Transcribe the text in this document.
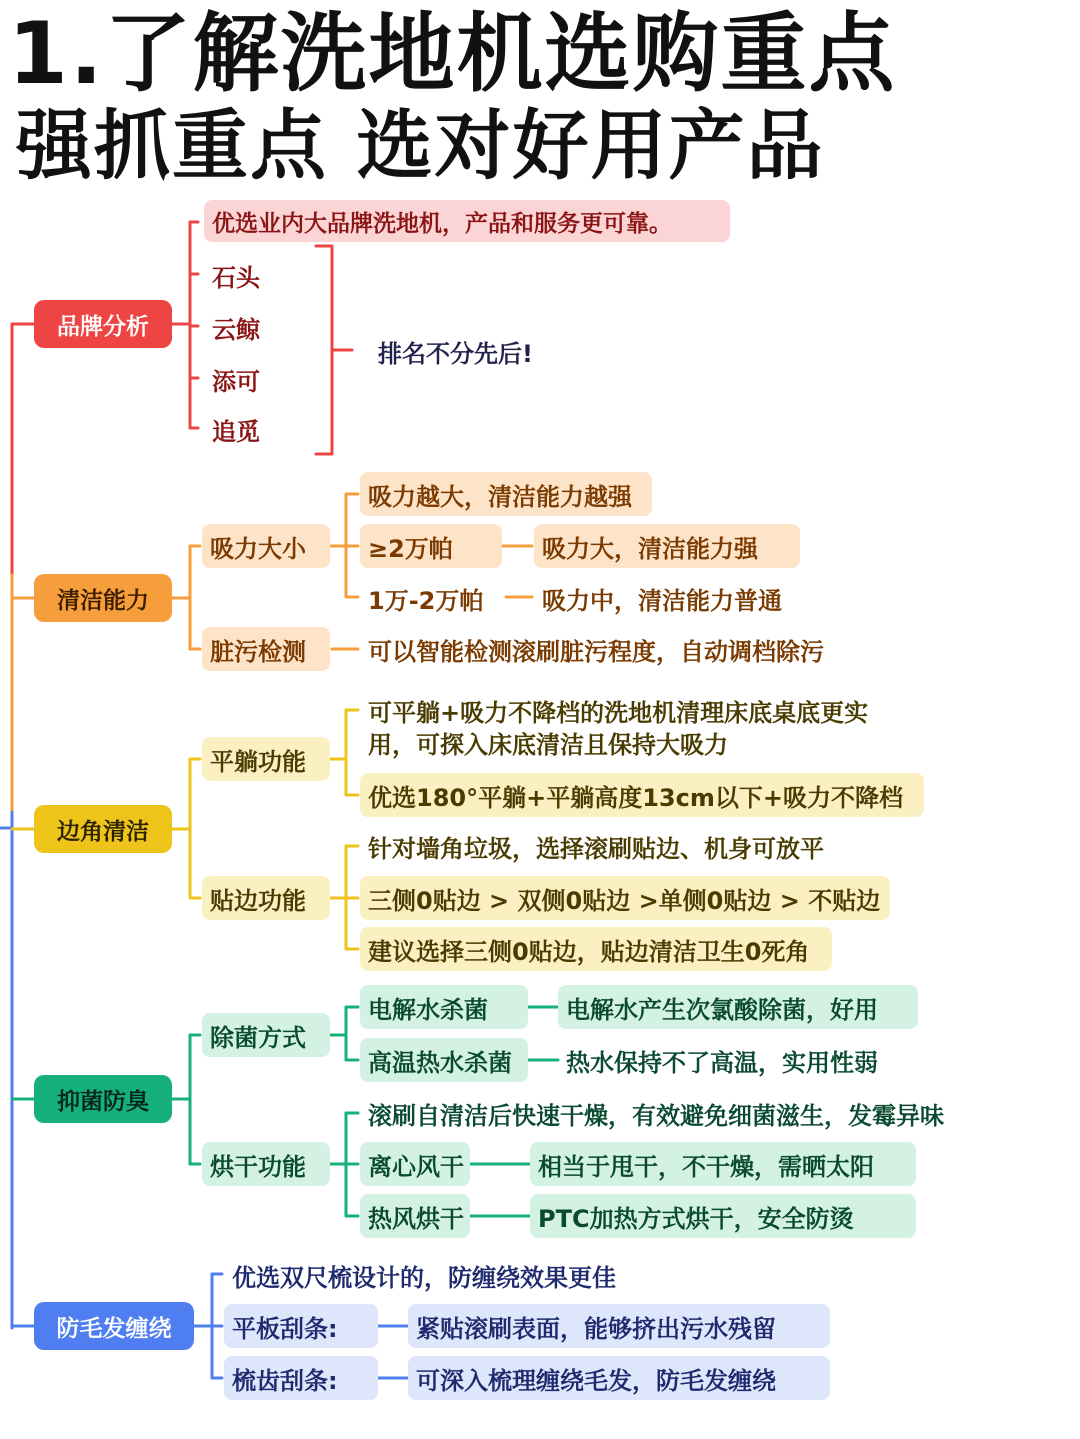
1.了解洗地机选购重点
强抓重点 选对好用产品
品牌分析
清洁能力
边角清洁
抑菌防臭
防毛发缠绕
优选业内大品牌洗地机，产品和服务更可靠。
石头
云鲸
添可
追觅
排名不分先后!
吸力大小
吸力越大，清洁能力越强
≥2万帕	吸力大，清洁能力强
1万-2万帕	吸力中，清洁能力普通
脏污检测	可以智能检测滚刷脏污程度，自动调档除污
平躺功能
可平躺+吸力不降档的洗地机清理床底桌底更实
用，可探入床底清洁且保持大吸力
优选180°平躺+平躺高度13cm以下+吸力不降档
贴边功能
针对墙角垃圾，选择滚刷贴边、机身可放平
三侧0贴边 > 双侧0贴边 >单侧0贴边 > 不贴边
建议选择三侧0贴边，贴边清洁卫生0死角
除菌方式
电解水杀菌	电解水产生次氯酸除菌，好用
高温热水杀菌	热水保持不了高温，实用性弱
烘干功能
滚刷自清洁后快速干燥，有效避免细菌滋生，发霉异味
离心风干	相当于甩干，不干燥，需晒太阳
热风烘干	PTC加热方式烘干，安全防烫
优选双尺梳设计的，防缠绕效果更佳
平板刮条:	紧贴滚刷表面，能够挤出污水残留
梳齿刮条:	可深入梳理缠绕毛发，防毛发缠绕
